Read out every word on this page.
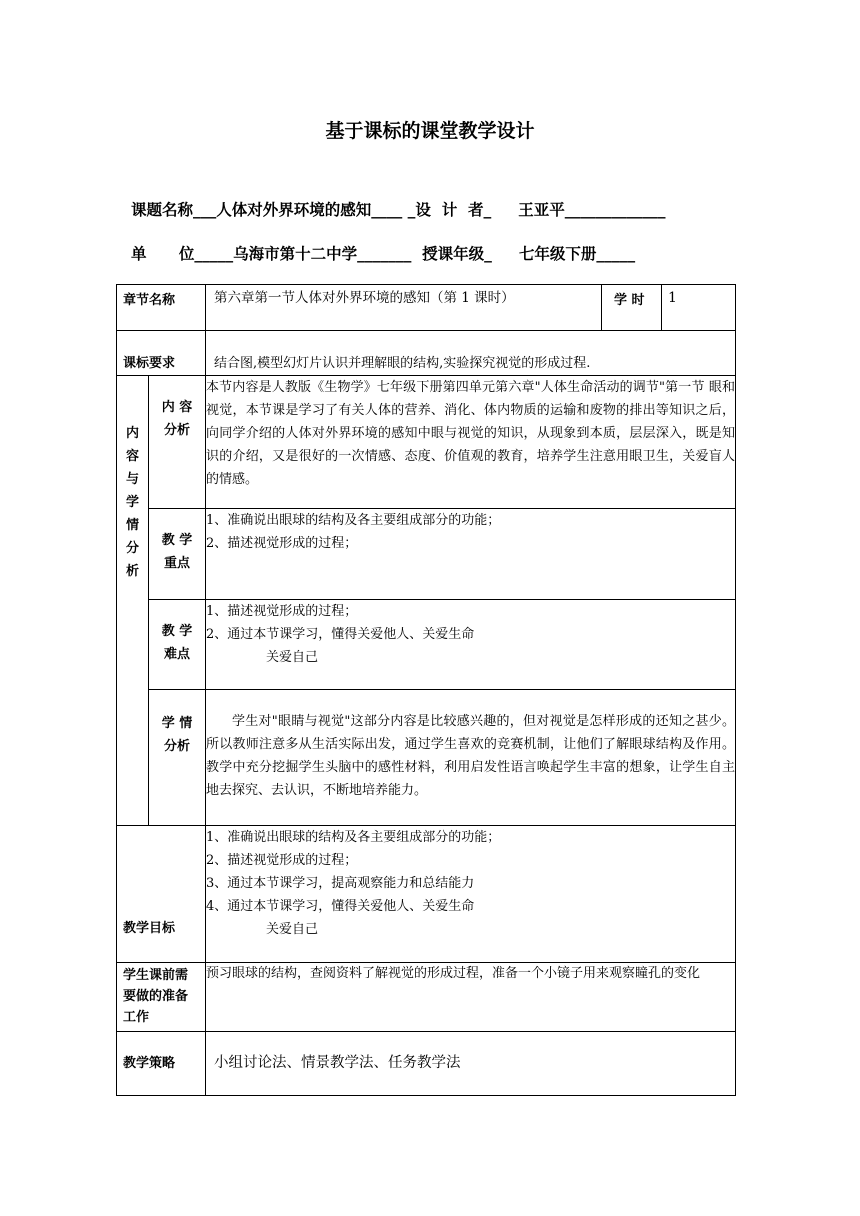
基于课标的课堂教学设计
课题名称___人体对外界环境的感知____ _设  计  者_     王亚平_____________
单      位_____乌海市第十二中学_______  授课年级_     七年级下册_____
章节名称		第六章第一节人体对外界环境的感知（第 1 课时）	学 时	1
课标要求		结合图,模型幻灯片认识并理解眼的结构,实验探究视觉的形成过程.		

内容与学情分析	内 容 分析	本节内容是人教版《生物学》七年级下册第四单元第六章"人体生命活动的调节"第一节 眼和视觉，本节课是学习了有关人体的营养、消化、体内物质的运输和废物的排出等知识之后，向同学介绍的人体对外界环境的感知中眼与视觉的知识，从现象到本质，层层深入，既是知识的介绍，又是很好的一次情感、态度、价值观的教育，培养学生注意用眼卫生，关爱盲人的情感。		

	教 学 重点	1、准确说出眼球的结构及各主要组成部分的功能；
2、描述视觉形成的过程；		

	教 学 难点	1、描述视觉形成的过程；
2、通过本节课学习，懂得关爱他人、关爱生命
关爱自己		

	学 情 分析	学生对"眼睛与视觉"这部分内容是比较感兴趣的，但对视觉是怎样形成的还知之甚少。所以教师注意多从生活实际出发，通过学生喜欢的竞赛机制，让他们了解眼球结构及作用。教学中充分挖掘学生头脑中的感性材料，利用启发性语言唤起学生丰富的想象，让学生自主地去探究、去认识，不断地培养能力。		
教学目标		1、准确说出眼球的结构及各主要组成部分的功能；
2、描述视觉形成的过程；
3、通过本节课学习，提高观察能力和总结能力
4、通过本节课学习，懂得关爱他人、关爱生命
关爱自己		

学生课前需要做的准备工作		预习眼球的结构，查阅资料了解视觉的形成过程，准备一个小镜子用来观察瞳孔的变化		
教学策略		小组讨论法、情景教学法、任务教学法		
